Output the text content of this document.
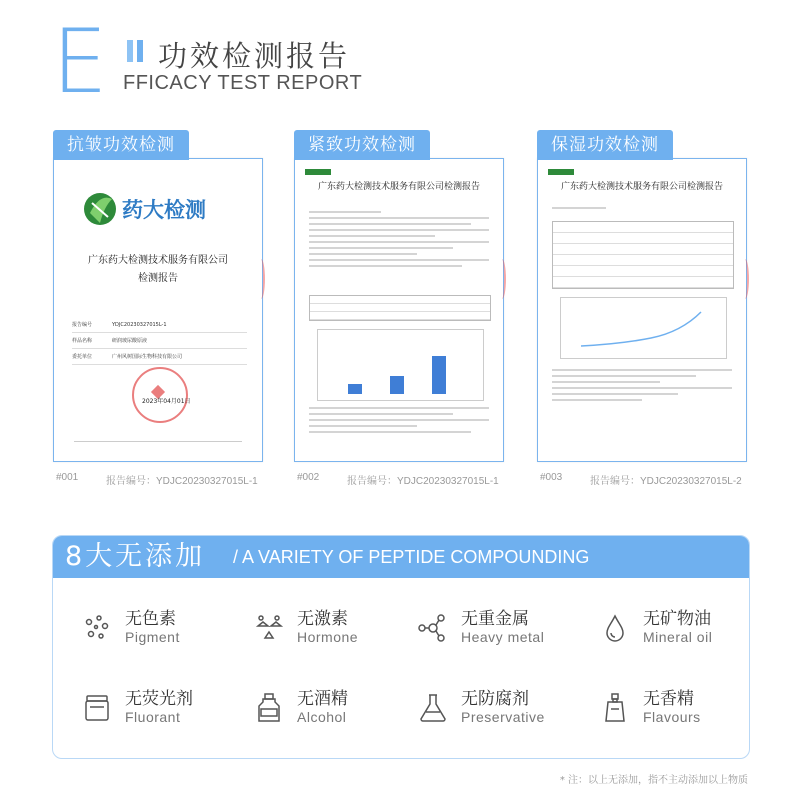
E 功效检测报告
FFICACY TEST REPORT
药大检测
广东药大检测技术服务有限公司
检测报告
报告编号	YDJC20230327015L-1
样品名称	研润玻尿酸原液
委托单位	广州风树国际生物科技有限公司
2023年04月01日
抗皱功效检测
#001	报告编号：YDJC20230327015L-1
广东药大检测技术服务有限公司检测报告
紧致功效检测
#002	报告编号：YDJC20230327015L-1
广东药大检测技术服务有限公司检测报告
保湿功效检测
#003	报告编号：YDJC20230327015L-2
8大无添加 / A VARIETY OF PEPTIDE COMPOUNDING
无色素
Pigment
无激素
Hormone
无重金属
Heavy metal
无矿物油
Mineral oil
无荧光剂
Fluorant
无酒精
Alcohol
无防腐剂
Preservative
无香精
Flavours
* 注：以上无添加，指不主动添加以上物质
